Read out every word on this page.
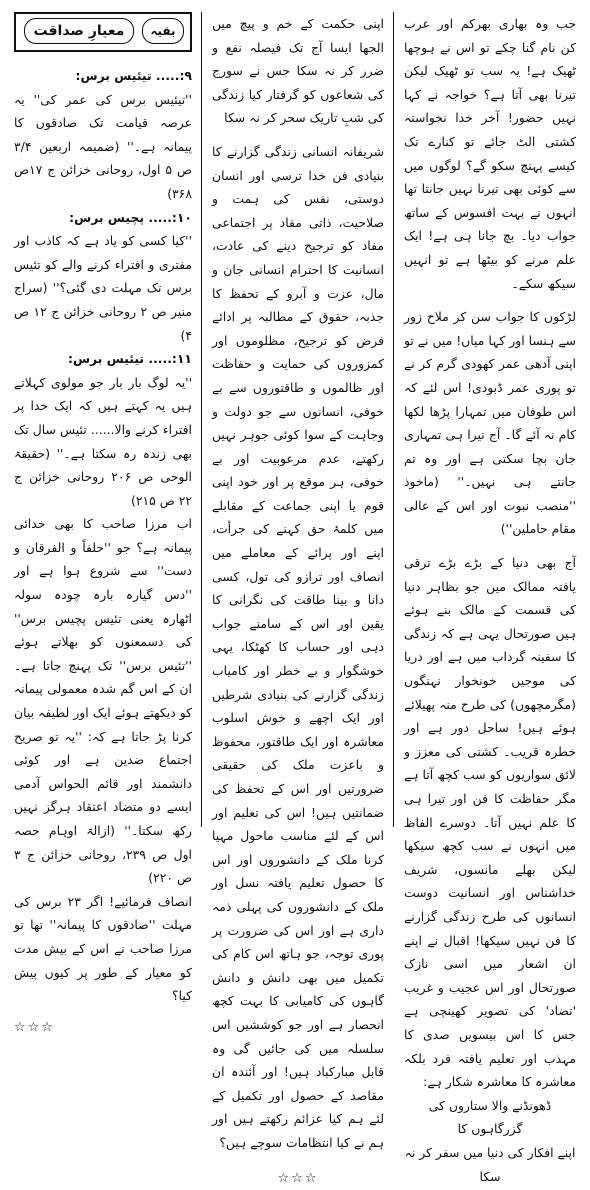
جب وہ بھاری بھرکم اور عرب کن نام گنا چکے تو اس نے ہوچھا ٹھیک ہے! یہ سب تو ٹھیک لیکن تیرنا بھی آتا ہے؟ خواجہ نے کہا نہیں حضور! آخر خدا نخواستہ کشتی الٹ جائے تو کنارے تک کیسے پہنچ سکو گے؟ لوگوں میں سے کوئی بھی تیرنا نہیں جانتا تھا انہوں نے بہت افسوس کے ساتھ جواب دیا۔ بچ جانا ہی ہے! ایک علم مرنے کو بیٹھا ہے تو انہیں سیکھ سکے۔

لڑکوں کا جواب سن کر ملاح زور سے ہنسا اور کہا میاں! میں نے تو اپنی آدھی عمر کھودی گرم کر نے تو پوری عمر ڈبودی! اس لئے کہ اس طوفان میں تمہارا پڑھا لکھا کام نہ آئے گا۔ آج تیرا ہی تمہاری جان بچا سکتی ہے اور وہ تم جانتے ہی نہیں۔'' (ماخوذ ''منصب نبوت اور اس کے عالی مقام حاملین'')

آج بھی دنیا کے بڑے بڑے ترقی یافتہ ممالک میں جو بظاہر دنیا کی قسمت کے مالک بنے ہوئے ہیں صورتحال یہی ہے کہ زندگی کا سفینہ گرداب میں ہے اور دریا کی موجیں خونخوار نہنگوں (مگرمچھوں) کی طرح منہ پھیلائے ہوئے ہیں! ساحل دور ہے اور خطرہ قریب۔ کشتی کی معزز و لائق سواریوں کو سب کچھ آتا ہے مگر حفاظت کا فن اور تیرا ہی کا علم نہیں آتا۔ دوسرے الفاظ میں انہوں نے سب کچھ سیکھا لیکن بھلے مانسوں، شریف خداشناس اور انسانیت دوست انسانوں کی طرح زندگی گزارنے کا فن نہیں سیکھا! اقبال نے اپنے ان اشعار میں اسی نازک صورتحال اور اس عجیب و غریب 'تضاد' کی تصویر کھینچی ہے جس کا اس بیسویں صدی کا مہذب اور تعلیم یافتہ فرد بلکہ معاشرہ کا معاشرہ شکار ہے:

ڈھونڈنے والا ستاروں کی گزرگاہوں کا

اپنے افکار کی دنیا میں سفر کر نہ سکا

اپنی حکمت کے خم و پیچ میں الجھا ایسا آج تک فیصلہ نفع و ضرر کر نہ سکا جس نے سورج کی شعاعوں کو گرفتار کیا زندگی کی شبِ تاریک سحر کر نہ سکا

شریفانہ انسانی زندگی گزارنے کا بنیادی فن خدا ترسی اور انسان دوستی، نفس کی ہمت و صلاحیت، ذاتی مفاد پر اجتماعی مفاد کو ترجیح دینے کی عادت، انسانیت کا احترام انسانی جان و مال، عزت و آبرو کے تحفظ کا جذبہ، حقوق کے مطالبہ پر ادائے فرض کو ترجیح، مظلوموں اور کمزوروں کی حمایت و حفاظت اور ظالموں و طاقتوروں سے بے خوفی، انسانوں سے جو دولت و وجاہت کے سوا کوئی جوہر نہیں رکھتے، عدم مرعوبیت اور بے خوفی، ہر موقع پر اور خود اپنی قوم یا اپنی جماعت کے مقابلے میں کلمۂ حق کہنے کی جرأت، اپنے اور پرائے کے معاملے میں انصاف اور ترازو کی تول، کسی دانا و بینا طاقت کی نگرانی کا یقین اور اس کے سامنے جواب دہی اور حساب کا کھٹکا، یہی خوشگوار و بے خطر اور کامیاب زندگی گزارنے کی بنیادی شرطیں اور ایک اچھے و خوش اسلوب معاشرہ اور ایک طاقتور، محفوظ و باعزت ملک کی حقیقی ضرورتیں اور اس کے تحفظ کی ضمانتیں ہیں! اس کی تعلیم اور اس کے لئے مناسب ماحول مہیا کرنا ملک کے دانشوروں اور اس کا حصول تعلیم یافتہ نسل اور ملک کے دانشوروں کی پہلی ذمہ داری ہے اور اس کی ضرورت پر پوری توجہ، جو ہاتھ اس کام کی تکمیل میں بھی دانش و دانش گاہوں کی کامیابی کا بہت کچھ انحصار ہے اور جو کوششیں اس سلسلہ میں کی جائیں گی وہ قابل مبارکباد ہیں! اور آئندہ ان مقاصد کے حصول اور تکمیل کے لئے ہم کیا عزائم رکھتے ہیں اور ہم نے کیا انتظامات سوچے ہیں؟

☆☆☆
بقیہ
معیارِ صداقت

۹:..... تیئیس برس:

''تیئیس برس کی عمر کی'' یہ عرصہ قیامت تک صادقوں کا پیمانہ ہے۔'' (ضمیمہ اربعین ۳/۴ ص ۵ اول، روحانی خزائن ج ۱۷ص ۳۶۸)

۱۰:..... پچیس برس:

''کیا کسی کو یاد ہے کہ کاذب اور مفتری و افتراء کرنے والے کو تئیس برس تک مہلت دی گئی؟'' (سراج منیر ص ۲ روحانی خزائن ج ۱۲ ص ۴)

۱۱:..... تیئیس برس:

''یہ لوگ بار بار جو مولوی کہلاتے ہیں یہ کہتے ہیں کہ ایک خدا پر افتراء کرنے والا...... تئیس سال تک بھی زندہ رہ سکتا ہے۔'' (حقیقۃ الوحی ص ۲۰۶ روحانی خزائن ج ۲۲ ص ۲۱۵)

اب مرزا صاحب کا بھی خدائی پیمانہ ہے؟ جو ''حلفاً و الفرقان و دست'' سے شروع ہوا ہے اور ''دس گیارہ بارہ چودہ سولہ اٹھارہ یعنی تئیس پچیس برس'' کی دسمعنوں کو بھلاتے ہوئے ''تئیس برس'' تک پہنچ جاتا ہے۔ ان کے اس گم شدہ معمولی پیمانہ کو دیکھتے ہوئے ایک اور لطیفہ بیان کرنا پڑ جاتا ہے کہ: ''یہ تو صریح اجتماع ضدین ہے اور کوئی دانشمند اور قائم الحواس آدمی ایسے دو متضاد اعتقاد ہرگز نہیں رکھ سکتا۔'' (ازالۃ اوہام حصہ اول ص ۲۳۹، روحانی خزائن ج ۳ ص ۲۲۰)

انصاف فرمائیے! اگر ۲۳ برس کی مہلت ''صادقوں کا پیمانہ'' تھا تو مرزا صاحب نے اس کے بیش مدت کو معیار کے طور پر کیوں پیش کیا؟

☆☆☆
